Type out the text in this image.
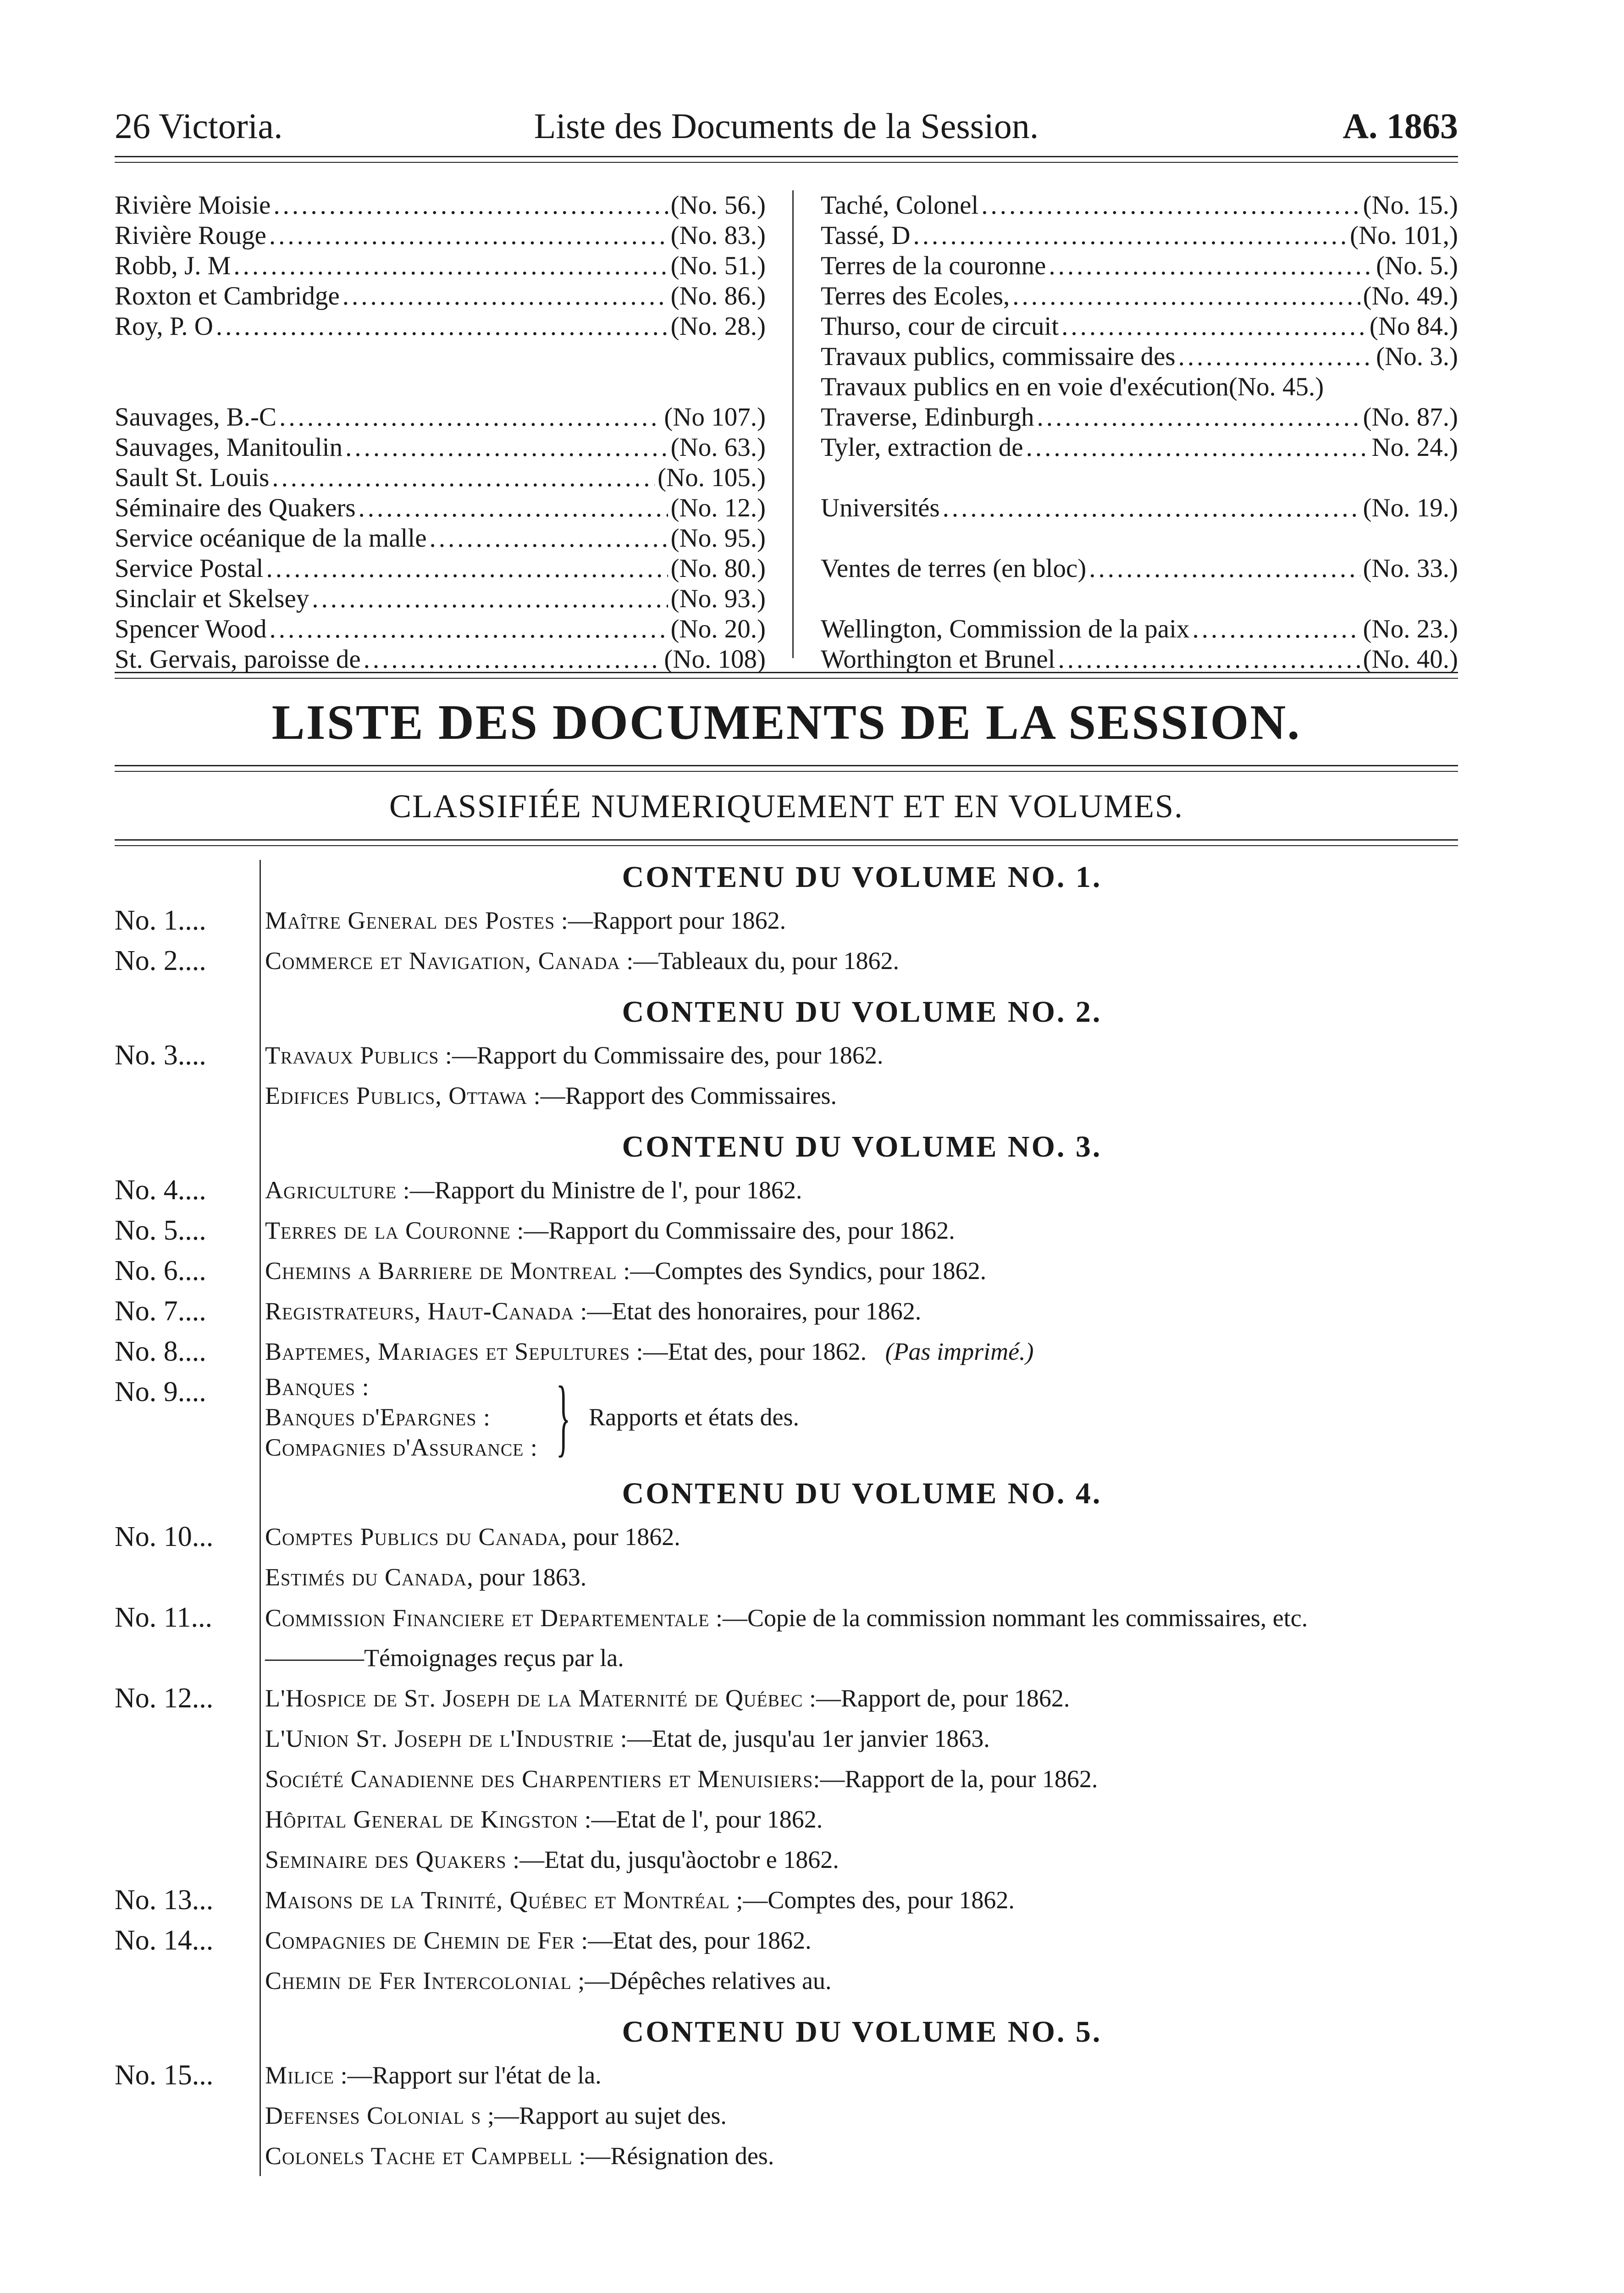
26 Victoria.	Liste des Documents de la Session.	A. 1863
Rivière Moisie .....	(No. 56.)
Rivière Rouge .....	(No. 83.)
Robb, J. M .....	(No. 51.)
Roxton et Cambridge .....	(No. 86.)
Roy, P. O .....	(No. 28.)
Sauvages, B.-C .....	(No 107.)
Sauvages, Manitoulin .....	(No. 63.)
Sault St. Louis .....	(No. 105.)
Séminaire des Quakers .....	(No. 12.)
Service océanique de la malle .....	(No. 95.)
Service Postal .....	(No. 80.)
Sinclair et Skelsey .....	(No. 93.)
Spencer Wood .....	(No. 20.)
St. Gervais, paroisse de .....	(No. 108)
Taché, Colonel .....	(No. 15.)
Tassé, D .....	(No. 101,)
Terres de la couronne .....	(No. 5.)
Terres des Ecoles, .....	(No. 49.)
Thurso, cour de circuit .....	(No 84.)
Travaux publics, commissaire des .....	(No. 3.)
Travaux publics en en voie d'exécution (No. 45.)
Traverse, Edinburgh .....	(No. 87.)
Tyler, extraction de .....	No. 24.)
Universités .....	(No. 19.)
Ventes de terres (en bloc) .....	(No. 33.)
Wellington, Commission de la paix .....	(No. 23.)
Worthington et Brunel .....	(No. 40.)
LISTE DES DOCUMENTS DE LA SESSION.
CLASSIFIÉE NUMERIQUEMENT ET EN VOLUMES.
CONTENU DU VOLUME NO. 1.
No. 1....	Maître General des Postes :—Rapport pour 1862.
No. 2....	Commerce et Navigation, Canada :—Tableaux du, pour 1862.
CONTENU DU VOLUME NO. 2.
No. 3....	Travaux Publics :—Rapport du Commissaire des, pour 1862.
Edifices Publics, Ottawa :—Rapport des Commissaires.
CONTENU DU VOLUME NO. 3.
No. 4....	Agriculture :—Rapport du Ministre de l', pour 1862.
No. 5....	Terres de la Couronne :—Rapport du Commissaire des, pour 1862.
No. 6....	Chemins a Barriere de Montreal :—Comptes des Syndics, pour 1862.
No. 7....	Registrateurs, Haut-Canada :—Etat des honoraires, pour 1862.
No. 8....	Baptemes, Mariages et Sepultures :—Etat des, pour 1862. (Pas imprimé.)
No. 9....	Banques :
Banques d'Epargnes :
Compagnies d'Assurance : } Rapports et états des.
CONTENU DU VOLUME NO. 4.
No. 10...	Comptes Publics du Canada, pour 1862.
Estimés du Canada, pour 1863.
No. 11...	Commission Financiere et Departementale :—Copie de la commission nommant les commissaires, etc.
————Témoignages reçus par la.
No. 12...	L'Hospice de St. Joseph de la Maternité de Québec :—Rapport de, pour 1862.
L'Union St. Joseph de l'Industrie :—Etat de, jusqu'au 1er janvier 1863.
Société Canadienne des Charpentiers et Menuisiers:—Rapport de la, pour 1862.
Hôpital General de Kingston :—Etat de l', pour 1862.
Seminaire des Quakers :—Etat du, jusqu'àoctobr e 1862.
No. 13...	Maisons de la Trinité, Québec et Montréal ;—Comptes des, pour 1862.
No. 14...	Compagnies de Chemin de Fer :—Etat des, pour 1862.
Chemin de Fer Intercolonial ;—Dépêches relatives au.
CONTENU DU VOLUME NO. 5.
No. 15...	Milice :—Rapport sur l'état de la.
Defenses Colonial s ;—Rapport au sujet des.
Colonels Tache et Campbell :—Résignation des.
